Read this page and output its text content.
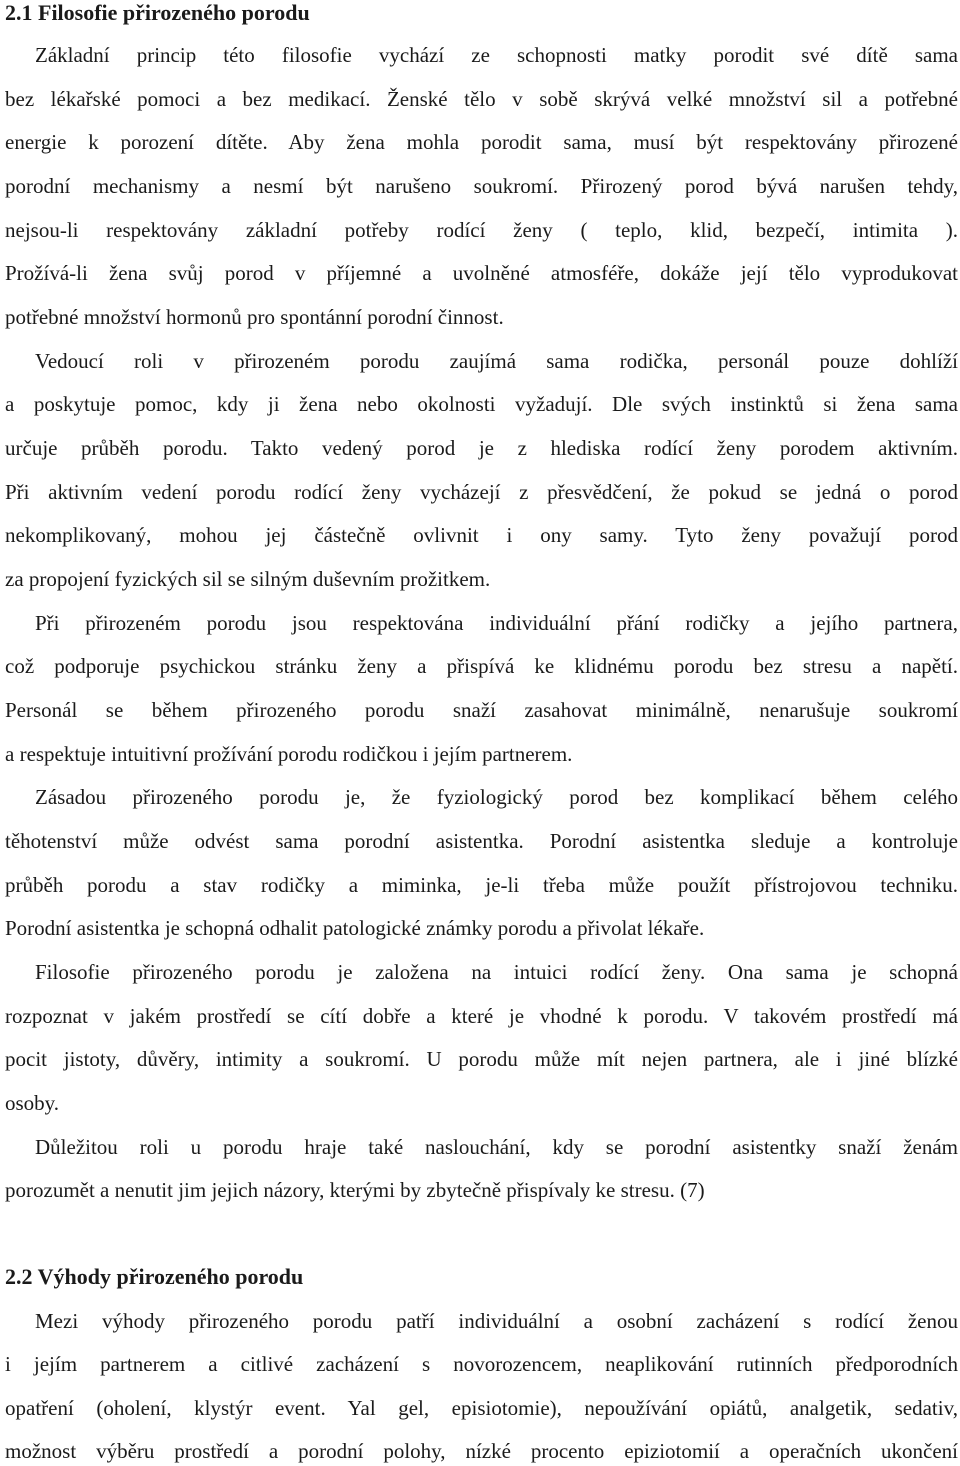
2.1 Filosofie přirozeného porodu

Základní princip této filosofie vychází ze schopnosti matky porodit své dítě sama

bez lékařské pomoci a bez medikací. Ženské tělo v sobě skrývá velké množství sil a potřebné

energie k porození dítěte. Aby žena mohla porodit sama, musí být respektovány přirozené

porodní mechanismy a nesmí být narušeno soukromí. Přirozený porod bývá narušen tehdy,

nejsou-li respektovány základní potřeby rodící ženy ( teplo, klid, bezpečí, intimita ).

Prožívá-li žena svůj porod v příjemné a uvolněné atmosféře, dokáže její tělo vyprodukovat

potřebné množství hormonů pro spontánní porodní činnost.

Vedoucí roli v přirozeném porodu zaujímá sama rodička, personál pouze dohlíží

a poskytuje pomoc, kdy ji žena nebo okolnosti vyžadují. Dle svých instinktů si žena sama

určuje průběh porodu. Takto vedený porod je z hlediska rodící ženy porodem aktivním.

Při aktivním vedení porodu rodící ženy vycházejí z přesvědčení, že pokud se jedná o porod

nekomplikovaný, mohou jej částečně ovlivnit i ony samy. Tyto ženy považují porod

za propojení fyzických sil se silným duševním prožitkem.

Při přirozeném porodu jsou respektována individuální přání rodičky a jejího partnera,

což podporuje psychickou stránku ženy a přispívá ke klidnému porodu bez stresu a napětí.

Personál se během přirozeného porodu snaží zasahovat minimálně, nenarušuje soukromí

a respektuje intuitivní prožívání porodu rodičkou i jejím partnerem.

Zásadou přirozeného porodu je, že fyziologický porod bez komplikací během celého

těhotenství může odvést sama porodní asistentka. Porodní asistentka sleduje a kontroluje

průběh porodu a stav rodičky a miminka, je-li třeba může použít přístrojovou techniku.

Porodní asistentka je schopná odhalit patologické známky porodu a přivolat lékaře.

Filosofie přirozeného porodu je založena na intuici rodící ženy. Ona sama je schopná

rozpoznat v jakém prostředí se cítí dobře a které je vhodné k porodu. V takovém prostředí má

pocit jistoty, důvěry, intimity a soukromí. U porodu může mít nejen partnera, ale i jiné blízké

osoby.

Důležitou roli u porodu hraje také naslouchání, kdy se porodní asistentky snaží ženám

porozumět a nenutit jim jejich názory, kterými by zbytečně přispívaly ke stresu. (7)

2.2 Výhody přirozeného porodu

Mezi výhody přirozeného porodu patří individuální a osobní zacházení s rodící ženou

i jejím partnerem a citlivé zacházení s novorozencem, neaplikování rutinních předporodních

opatření (oholení, klystýr event. Yal gel, episiotomie), nepoužívání opiátů, analgetik, sedativ,

možnost výběru prostředí a porodní polohy, nízké procento epiziotomií a operačních ukončení
